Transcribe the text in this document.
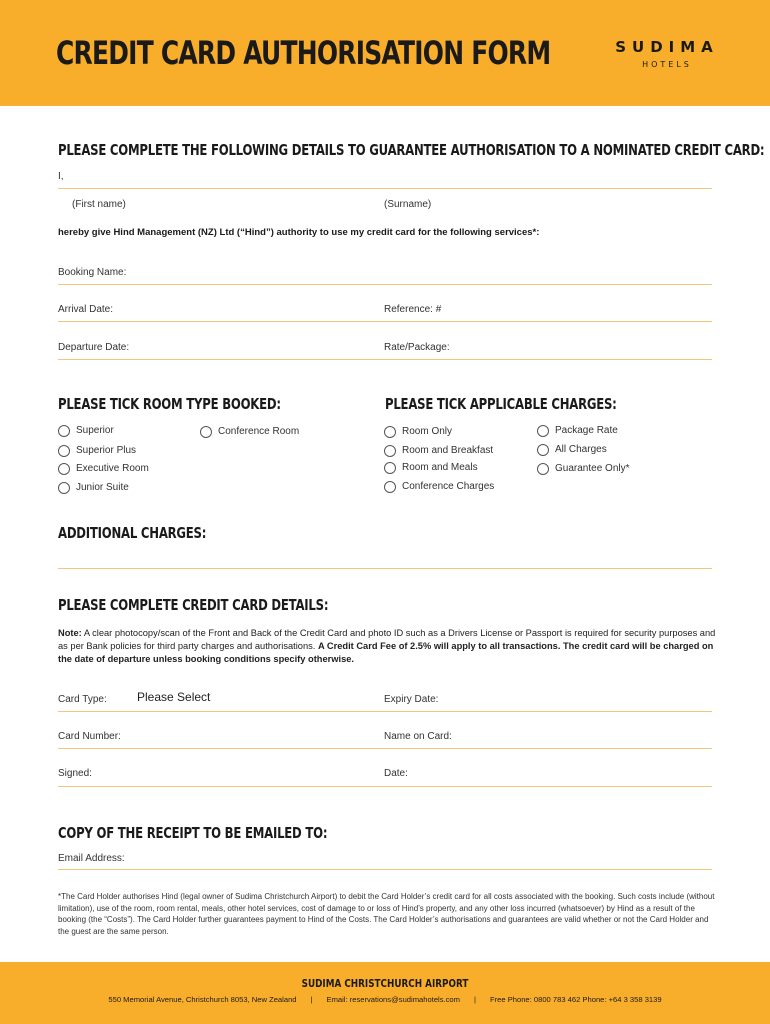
CREDIT CARD AUTHORISATION FORM	SUDIMA
HOTELS
PLEASE COMPLETE THE FOLLOWING DETAILS TO GUARANTEE AUTHORISATION TO A NOMINATED CREDIT CARD:
I,
(First name)	(Surname)
hereby give Hind Management (NZ) Ltd (“Hind”) authority to use my credit card for the following services*:
Booking Name:
Arrival Date:	Reference: #
Departure Date:	Rate/Package:
PLEASE TICK ROOM TYPE BOOKED:
Superior
Superior Plus
Executive Room
Junior Suite
Conference Room
PLEASE TICK APPLICABLE CHARGES:
Room Only
Room and Breakfast
Room and Meals
Conference Charges
Package Rate
All Charges
Guarantee Only*
ADDITIONAL CHARGES:
PLEASE COMPLETE CREDIT CARD DETAILS:
Note: A clear photocopy/scan of the Front and Back of the Credit Card and photo ID such as a Drivers License or Passport is required for security purposes and as per Bank policies for third party charges and authorisations. A Credit Card Fee of 2.5% will apply to all transactions. The credit card will be charged on the date of departure unless booking conditions specify otherwise.
Card Type:	Please Select	Expiry Date:
Card Number:	Name on Card:
Signed:	Date:
COPY OF THE RECEIPT TO BE EMAILED TO:
Email Address:
*The Card Holder authorises Hind (legal owner of Sudima Christchurch Airport) to debit the Card Holder’s credit card for all costs associated with the booking. Such costs include (without limitation), use of the room, room rental, meals, other hotel services, cost of damage to or loss of Hind’s property, and any other loss incurred (whatsoever) by Hind as a result of the booking (the “Costs”). The Card Holder further guarantees payment to Hind of the Costs. The Card Holder’s authorisations and guarantees are valid whether or not the Card Holder and the guest are the same person.
SUDIMA CHRISTCHURCH AIRPORT
550 Memorial Avenue, Christchurch 8053, New Zealand | Email: reservations@sudimahotels.com | Free Phone: 0800 783 462 Phone: +64 3 358 3139
